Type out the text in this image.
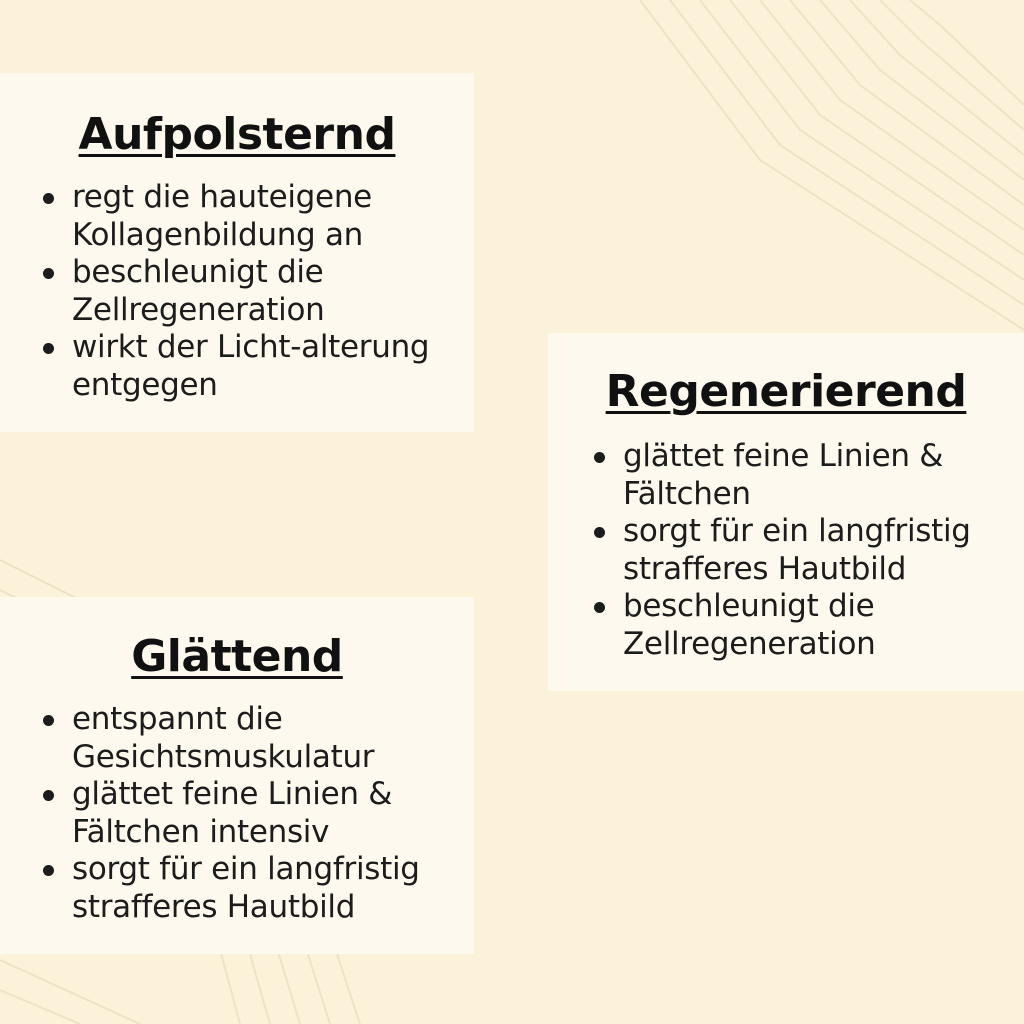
Aufpolsternd
regt die hauteigene
Kollagenbildung an
beschleunigt die
Zellregeneration
wirkt der Licht-alterung
entgegen	Regenerierend
glättet feine Linien &
Fältchen
sorgt für ein langfristig
strafferes Hautbild
beschleunigt die
Zellregeneration
Glättend
entspannt die
Gesichtsmuskulatur
glättet feine Linien &
Fältchen intensiv
sorgt für ein langfristig
strafferes Hautbild
